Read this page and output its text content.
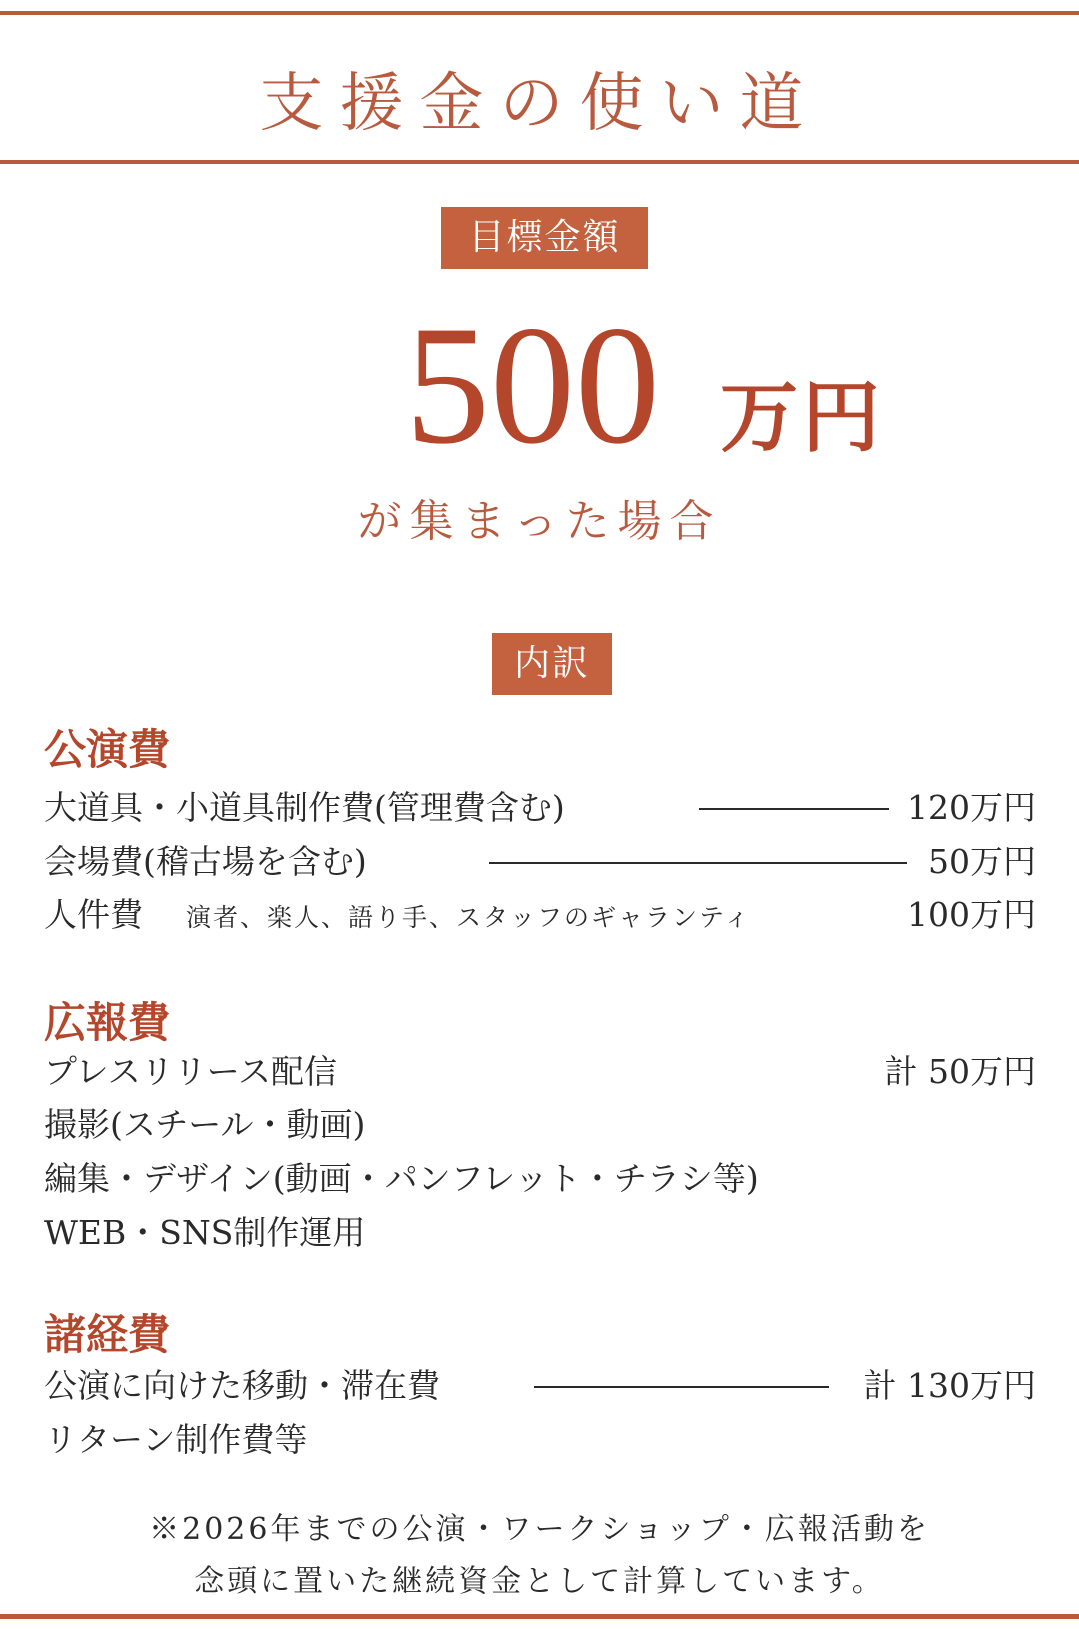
支援金の使い道
目標金額
500 万円
が集まった場合
内訳
公演費
大道具・小道具制作費(管理費含む)	120万円
会場費(稽古場を含む)	50万円
人件費 演者、楽人、語り手、スタッフのギャランティ	100万円
広報費
プレスリリース配信	計 50万円
撮影(スチール・動画)
編集・デザイン(動画・パンフレット・チラシ等)
WEB・SNS制作運用
諸経費
公演に向けた移動・滞在費	計 130万円
リターン制作費等
※2026年までの公演・ワークショップ・広報活動を
念頭に置いた継続資金として計算しています。
